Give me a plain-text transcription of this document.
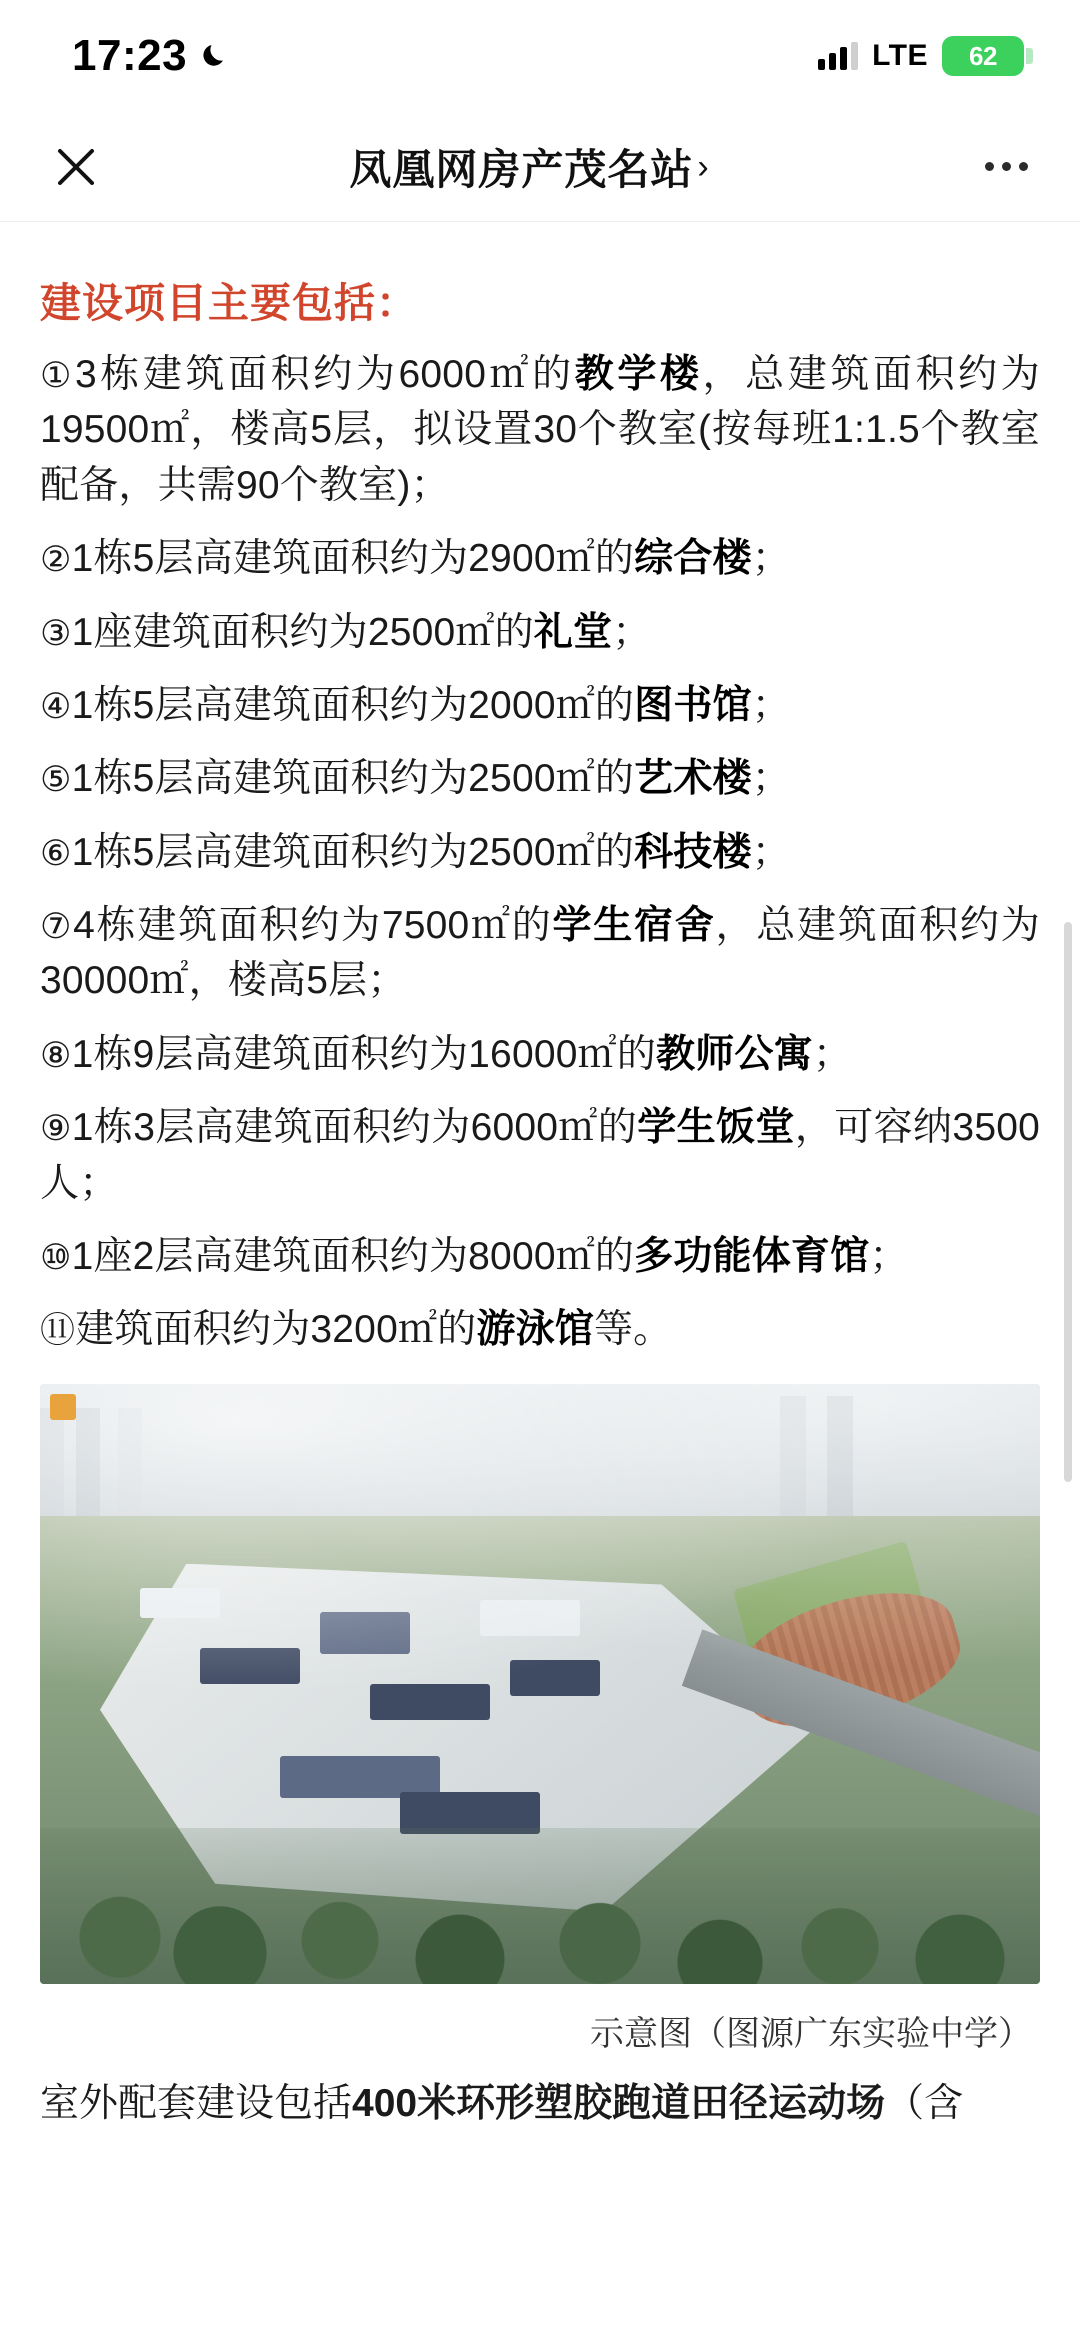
17:23	LTE 62
凤凰网房产茂名站 ›
建设项目主要包括：

①3栋建筑面积约为6000㎡的教学楼，总建筑面积约为19500㎡，楼高5层，拟设置30个教室(按每班1:1.5个教室配备，共需90个教室)；

②1栋5层高建筑面积约为2900㎡的综合楼；

③1座建筑面积约为2500㎡的礼堂；

④1栋5层高建筑面积约为2000㎡的图书馆；

⑤1栋5层高建筑面积约为2500㎡的艺术楼；

⑥1栋5层高建筑面积约为2500㎡的科技楼；

⑦4栋建筑面积约为7500㎡的学生宿舍，总建筑面积约为30000㎡，楼高5层；

⑧1栋9层高建筑面积约为16000㎡的教师公寓；

⑨1栋3层高建筑面积约为6000㎡的学生饭堂，可容纳3500人；

⑩1座2层高建筑面积约为8000㎡的多功能体育馆；

⑪建筑面积约为3200㎡的游泳馆等。

示意图（图源广东实验中学）

室外配套建设包括400米环形塑胶跑道田径运动场（含
